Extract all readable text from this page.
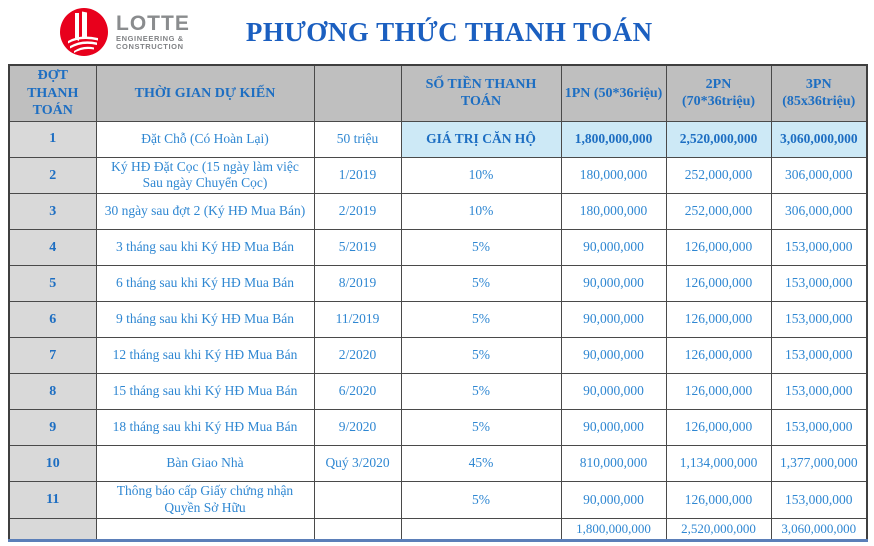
LOTTE
ENGINEERING &
CONSTRUCTION
PHƯƠNG THỨC THANH TOÁN
ĐỢT THANH TOÁN	THỜI GIAN DỰ KIẾN		SỐ TIỀN THANH TOÁN	1PN (50*36riệu)	2PN (70*36triệu)	3PN (85x36triệu)
1	Đặt Chỗ (Có Hoàn Lại)	50 triệu	GIÁ TRỊ CĂN HỘ	1,800,000,000	2,520,000,000	3,060,000,000
2	Ký HĐ Đặt Cọc (15 ngày làm việc Sau ngày Chuyển Cọc)	1/2019	10%	180,000,000	252,000,000	306,000,000
3	30 ngày sau đợt 2 (Ký HĐ Mua Bán)	2/2019	10%	180,000,000	252,000,000	306,000,000
4	3 tháng sau khi Ký HĐ Mua Bán	5/2019	5%	90,000,000	126,000,000	153,000,000
5	6 tháng sau khi Ký HĐ Mua Bán	8/2019	5%	90,000,000	126,000,000	153,000,000
6	9 tháng sau khi Ký HĐ Mua Bán	11/2019	5%	90,000,000	126,000,000	153,000,000
7	12 tháng sau khi Ký HĐ Mua Bán	2/2020	5%	90,000,000	126,000,000	153,000,000
8	15 tháng sau khi Ký HĐ Mua Bán	6/2020	5%	90,000,000	126,000,000	153,000,000
9	18 tháng sau khi Ký HĐ Mua Bán	9/2020	5%	90,000,000	126,000,000	153,000,000
10	Bàn Giao Nhà	Quý 3/2020	45%	810,000,000	1,134,000,000	1,377,000,000
11	Thông báo cấp Giấy chứng nhận Quyền Sở Hữu		5%	90,000,000	126,000,000	153,000,000
				1,800,000,000	2,520,000,000	3,060,000,000
